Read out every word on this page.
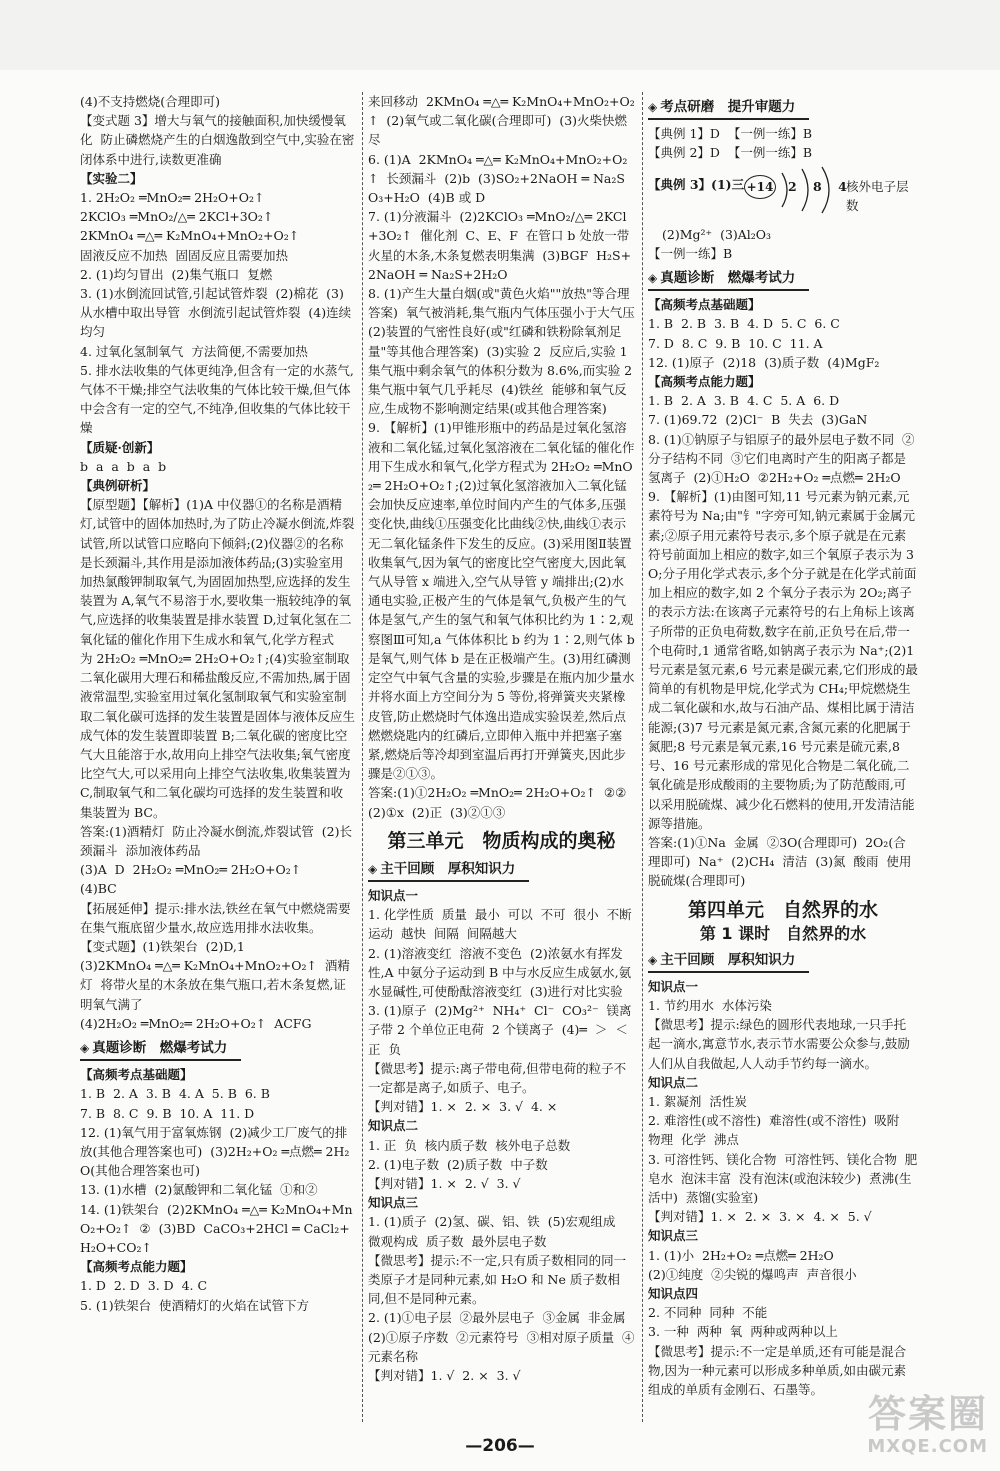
(4)不支持燃烧(合理即可)
【变式题 3】增大与氧气的接触面积,加快缓慢氧化  防止磷燃烧产生的白烟逸散到空气中,实验在密闭体系中进行,读数更准确
【实验二】
1. 2H₂O₂ ═MnO₂═ 2H₂O+O₂↑
2KClO₃ ═MnO₂/△═ 2KCl+3O₂↑
2KMnO₄ ═△═ K₂MnO₄+MnO₂+O₂↑
固液反应不加热  固固反应且需要加热
2. (1)均匀冒出  (2)集气瓶口  复燃
3. (1)水倒流回试管,引起试管炸裂  (2)棉花  (3)从水槽中取出导管  水倒流引起试管炸裂  (4)连续  均匀
4. 过氧化氢制氧气  方法简便,不需要加热
5. 排水法收集的气体更纯净,但含有一定的水蒸气,气体不干燥;排空气法收集的气体比较干燥,但气体中会含有一定的空气,不纯净,但收集的气体比较干燥
【质疑·创新】
b  a  a  b  a  b
【典例研析】
【原型题】【解析】(1)A 中仪器①的名称是酒精灯,试管中的固体加热时,为了防止冷凝水倒流,炸裂试管,所以试管口应略向下倾斜;(2)仪器②的名称是长颈漏斗,其作用是添加液体药品;(3)实验室用加热氯酸钾制取氧气,为固固加热型,应选择的发生装置为 A,氧气不易溶于水,要收集一瓶较纯净的氧气,应选择的收集装置是排水装置 D,过氧化氢在二氧化锰的催化作用下生成水和氧气,化学方程式
为 2H₂O₂ ═MnO₂═ 2H₂O+O₂↑;(4)实验室制取二氧化碳用大理石和稀盐酸反应,不需加热,属于固液常温型,实验室用过氧化氢制取氧气和实验室制取二氧化碳可选择的发生装置是固体与液体反应生成气体的发生装置即装置 B;二氧化碳的密度比空气大且能溶于水,故用向上排空气法收集;氧气密度比空气大,可以采用向上排空气法收集,收集装置为 C,制取氧气和二氧化碳均可选择的发生装置和收集装置为 BC。
答案:(1)酒精灯  防止冷凝水倒流,炸裂试管  (2)长颈漏斗  添加液体药品
(3)A  D  2H₂O₂ ═MnO₂═ 2H₂O+O₂↑
(4)BC
【拓展延伸】提示:排水法,铁丝在氧气中燃烧需要在集气瓶底留少量水,故应选用排水法收集。
【变式题】(1)铁架台  (2)D,1
(3)2KMnO₄ ═△═ K₂MnO₄+MnO₂+O₂↑  酒精灯  将带火星的木条放在集气瓶口,若木条复燃,证明氧气满了
(4)2H₂O₂ ═MnO₂═ 2H₂O+O₂↑  ACFG
◈ 真题诊断　燃爆考试力
【高频考点基础题】
1. B  2. A  3. B  4. A  5. B  6. B
7. B  8. C  9. B  10. A  11. D
12. (1)氧气用于富氧炼钢  (2)减少工厂废气的排放(其他合理答案也可)  (3)2H₂+O₂ ═点燃═ 2H₂O(其他合理答案也可)
13. (1)水槽  (2)氯酸钾和二氧化锰  ①和②
14. (1)铁架台  (2)2KMnO₄ ═△═ K₂MnO₄+MnO₂+O₂↑  ②  (3)BD  CaCO₃+2HCl ═ CaCl₂+H₂O+CO₂↑
【高频考点能力题】
1. D  2. D  3. D  4. C
5. (1)铁架台  使酒精灯的火焰在试管下方
来回移动  2KMnO₄ ═△═ K₂MnO₄+MnO₂+O₂↑  (2)氧气或二氧化碳(合理即可)  (3)火柴快燃尽
6. (1)A  2KMnO₄ ═△═ K₂MnO₄+MnO₂+O₂↑  长颈漏斗  (2)b  (3)SO₂+2NaOH ═ Na₂SO₃+H₂O  (4)B 或 D
7. (1)分液漏斗  (2)2KClO₃ ═MnO₂/△═ 2KCl+3O₂↑  催化剂  C、E、F  在管口 b 处放一带火星的木条,木条复燃表明集满  (3)BGF  H₂S+2NaOH ═ Na₂S+2H₂O
8. (1)产生大量白烟(或"黄色火焰""放热"等合理答案)  氧气被消耗,集气瓶内气体压强小于大气压  (2)装置的气密性良好(或"红磷和铁粉除氧剂足量"等其他合理答案)  (3)实验 2  反应后,实验 1 集气瓶中剩余氧气的体积分数为 8.6%,而实验 2 集气瓶中氧气几乎耗尽  (4)铁丝  能够和氧气反应,生成物不影响测定结果(或其他合理答案)
9. 【解析】(1)甲锥形瓶中的药品是过氧化氢溶液和二氧化锰,过氧化氢溶液在二氧化锰的催化作用下生成水和氧气,化学方程式为 2H₂O₂ ═MnO₂═ 2H₂O+O₂↑;(2)过氧化氢溶液加入二氧化锰会加快反应速率,单位时间内产生的气体多,压强变化快,曲线①压强变化比曲线②快,曲线①表示无二氧化锰条件下发生的反应。(3)采用图Ⅱ装置收集氧气,因为氧气的密度比空气密度大,因此氧气从导管 x 端进入,空气从导管 y 端排出;(2)水通电实验,正极产生的气体是氧气,负极产生的气体是氢气,产生的氢气和氧气体积比约为 1∶2,观察图Ⅲ可知,a 气体体积比 b 约为 1∶2,则气体 b 是氧气,则气体 b 是在正极端产生。(3)用红磷测定空气中氧气含量的实验,步骤是在瓶内加少量水并将水面上方空间分为 5 等份,将弹簧夹夹紧橡皮管,防止燃烧时气体逸出造成实验误差,然后点燃燃烧匙内的红磷后,立即伸入瓶中并把塞子塞紧,燃烧后等冷却到室温后再打开弹簧夹,因此步骤是②①③。
答案:(1)①2H₂O₂ ═MnO₂═ 2H₂O+O₂↑  ②②  (2)①x  (2)正  (3)②①③
第三单元　物质构成的奥秘
◈ 主干回顾　厚积知识力
知识点一
1. 化学性质  质量  最小  可以  不可  很小  不断运动  越快  间隔  间隔越大
2. (1)溶液变红  溶液不变色  (2)浓氨水有挥发性,A 中氨分子运动到 B 中与水反应生成氨水,氨水显碱性,可使酚酞溶液变红  (3)进行对比实验
3. (1)原子  (2)Mg²⁺  NH₄⁺  Cl⁻  CO₃²⁻  镁离子带 2 个单位正电荷  2 个镁离子  (4)═  ＞  ＜  正  负
【微思考】提示:离子带电荷,但带电荷的粒子不一定都是离子,如质子、电子。
【判对错】1. ×  2. ×  3. √  4. ×
知识点二
1. 正  负  核内质子数  核外电子总数
2. (1)电子数  (2)质子数  中子数
【判对错】1. ×  2. √  3. √
知识点三
1. (1)质子  (2)氢、碳、铝、铁  (5)宏观组成  微观构成  质子数  最外层电子数
【微思考】提示:不一定,只有质子数相同的同一类原子才是同种元素,如 H₂O 和 Ne 质子数相同,但不是同种元素。
2. (1)①电子层  ②最外层电子  ③金属  非金属  (2)①原子序数  ②元素符号  ③相对原子质量  ④元素名称
【判对错】1. √  2. ×  3. √
◈ 考点研磨　提升审题力
【典例 1】D  【一例一练】B
【典例 2】D  【一例一练】B
【典例 3】(1)三 +14 2 8 4
核外电子层数
(2)Mg²⁺  (3)Al₂O₃
【一例一练】B
◈ 真题诊断　燃爆考试力
【高频考点基础题】
1. B  2. B  3. B  4. D  5. C  6. C
7. D  8. C  9. B  10. C  11. A
12. (1)原子  (2)18  (3)质子数  (4)MgF₂
【高频考点能力题】
1. B  2. A  3. B  4. C  5. A  6. D
7. (1)69.72  (2)Cl⁻  B  失去  (3)GaN
8. (1)①钠原子与铝原子的最外层电子数不同  ②分子结构不同  ③它们电离时产生的阳离子都是氢离子  (2)①H₂O  ②2H₂+O₂ ═点燃═ 2H₂O
9. 【解析】(1)由图可知,11 号元素为钠元素,元素符号为 Na;由"钅"字旁可知,钠元素属于金属元素;②原子用元素符号表示,多个原子就是在元素符号前面加上相应的数字,如三个氧原子表示为 3O;分子用化学式表示,多个分子就是在化学式前面加上相应的数字,如 2 个氧分子表示为 2O₂;离子的表示方法:在该离子元素符号的右上角标上该离子所带的正负电荷数,数字在前,正负号在后,带一个电荷时,1 通常省略,如钠离子表示为 Na⁺;(2)1 号元素是氢元素,6 号元素是碳元素,它们形成的最简单的有机物是甲烷,化学式为 CH₄;甲烷燃烧生成二氧化碳和水,故与石油产品、煤相比属于清洁能源;(3)7 号元素是氮元素,含氮元素的化肥属于氮肥;8 号元素是氧元素,16 号元素是硫元素,8 号、16 号元素形成的常见化合物是二氧化硫,二氧化硫是形成酸雨的主要物质;为了防范酸雨,可以采用脱硫煤、减少化石燃料的使用,开发清洁能源等措施。
答案:(1)①Na  金属  ②3O(合理即可)  2O₂(合理即可)  Na⁺  (2)CH₄  清洁  (3)氮  酸雨  使用脱硫煤(合理即可)
第四单元　自然界的水
第 1 课时　自然界的水
◈ 主干回顾　厚积知识力
知识点一
1. 节约用水  水体污染
【微思考】提示:绿色的圆形代表地球,一只手托起一滴水,寓意节水,表示节水需要公众参与,鼓励人们从自我做起,人人动手节约每一滴水。
知识点二
1. 絮凝剂  活性炭
2. 难溶性(或不溶性)  难溶性(或不溶性)  吸附  物理  化学  沸点
3. 可溶性钙、镁化合物  可溶性钙、镁化合物  肥皂水  泡沫丰富  没有泡沫(或泡沫较少)  煮沸(生活中)  蒸馏(实验室)
【判对错】1. ×  2. ×  3. ×  4. ×  5. √
知识点三
1. (1)小  2H₂+O₂ ═点燃═ 2H₂O
(2)①纯度  ②尖锐的爆鸣声  声音很小
知识点四
2. 不同种  同种  不能
3. 一种  两种  氧  两种或两种以上
【微思考】提示:不一定是单质,还有可能是混合物,因为一种元素可以形成多种单质,如由碳元素组成的单质有金刚石、石墨等。
—206—
答案圈
MXQE.COM
